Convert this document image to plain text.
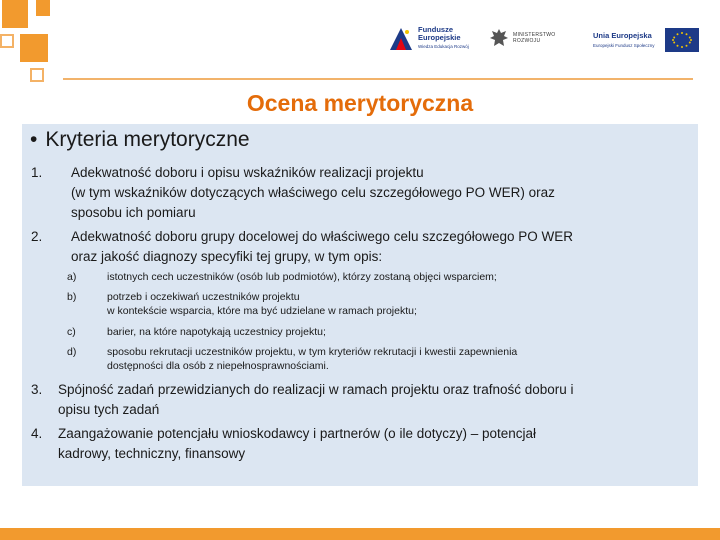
Fundusze Europejskie
Wiedza Edukacja Rozwój
MINISTERSTWO ROZWOJU
Unia Europejska
Europejski Fundusz Społeczny
Ocena merytoryczna
• Kryteria merytoryczne
1. Adekwatność doboru i opisu wskaźników realizacji projektu
(w tym wskaźników dotyczących właściwego celu szczegółowego PO WER) oraz
sposobu ich pomiaru
2. Adekwatność doboru grupy docelowej do właściwego celu szczegółowego PO WER
oraz jakość diagnozy specyfiki tej grupy, w tym opis:
a)	istotnych cech uczestników (osób lub podmiotów), którzy zostaną objęci wsparciem;
b)	potrzeb i oczekiwań uczestników projektu
w kontekście wsparcia, które ma być udzielane w ramach projektu;
c)	barier, na które napotykają uczestnicy projektu;
d)	sposobu rekrutacji uczestników projektu, w tym kryteriów rekrutacji i kwestii zapewnienia
dostępności dla osób z niepełnosprawnościami.
3. Spójność zadań przewidzianych do realizacji w ramach projektu oraz trafność doboru i
opisu tych zadań
4. Zaangażowanie potencjału wnioskodawcy i partnerów (o ile dotyczy) – potencjał
kadrowy, techniczny, finansowy
